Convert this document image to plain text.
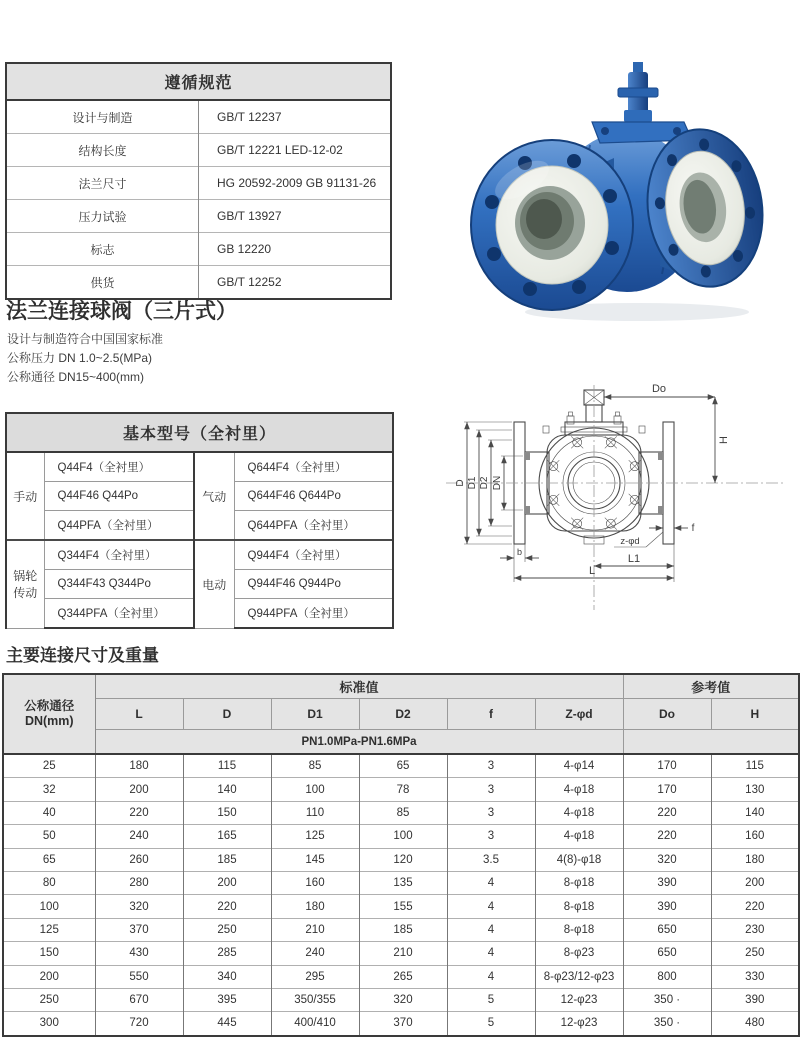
遵循规范	
设计与制造	GB/T 12237
结构长度	GB/T 12221 LED-12-02
法兰尺寸	HG 20592-2009 GB 91131-26
压力试验	GB/T 13927
标志	GB 12220
供货	GB/T 12252
法兰连接球阀（三片式）
设计与制造符合中国国家标准
公称压力 DN 1.0~2.5(MPa)
公称通径 DN15~400(mm)
基本型号（全衬里）			
手动	Q44F4（全衬里）	气动	Q644F4（全衬里）
	Q44F46 Q44Po		Q644F46 Q644Po
	Q44PFA（全衬里）		Q644PFA（全衬里）
锅轮传动	Q344F4（全衬里）	电动	Q944F4（全衬里）
	Q344F43 Q344Po		Q944F46 Q944Po
	Q344PFA（全衬里）		Q944PFA（全衬里）
Do
H
D D1 D2 DN
b
f
z-φd
L1
L
主要连接尺寸及重量
公称通径
DN(mm)	标准值						参考值	
	L	D	D1	D2	f	Z-φd	Do	H
	PN1.0MPa-PN1.6MPa							
25	180	115	85	65	3	4-φ14	170	115
32	200	140	100	78	3	4-φ18	170	130
40	220	150	110	85	3	4-φ18	220	140
50	240	165	125	100	3	4-φ18	220	160
65	260	185	145	120	3.5	4(8)-φ18	320	180
80	280	200	160	135	4	8-φ18	390	200
100	320	220	180	155	4	8-φ18	390	220
125	370	250	210	185	4	8-φ18	650	230
150	430	285	240	210	4	8-φ23	650	250
200	550	340	295	265	4	8-φ23/12-φ23	800	330
250	670	395	350/355	320	5	12-φ23	350 ·	390
300	720	445	400/410	370	5	12-φ23	350 ·	480
